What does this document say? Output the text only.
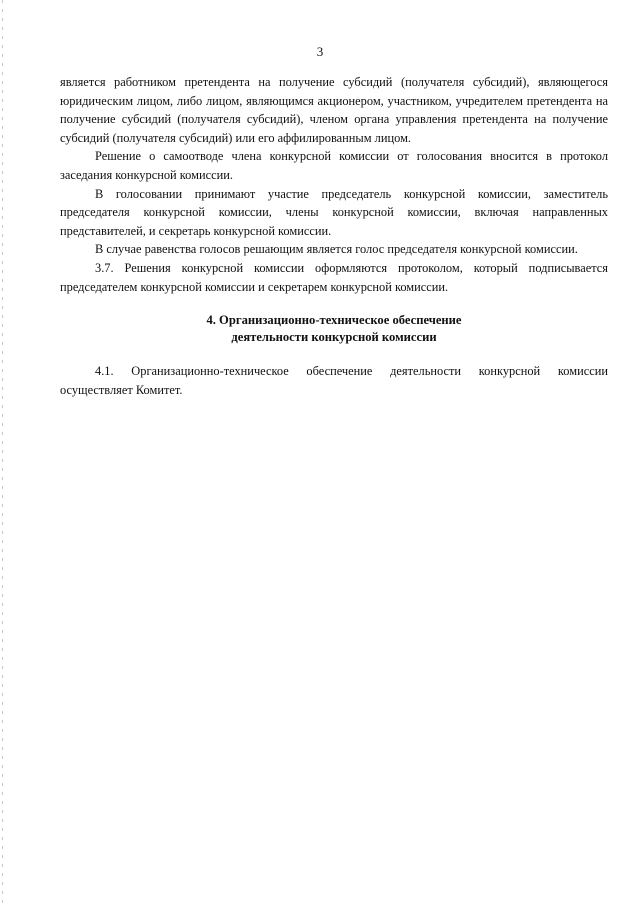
3

является работником претендента на получение субсидий (получателя субсидий), являющегося юридическим лицом, либо лицом, являющимся акционером, участником, учредителем претендента на получение субсидий (получателя субсидий), членом органа управления претендента на получение субсидий (получателя субсидий) или его аффилированным лицом.

Решение о самоотводе члена конкурсной комиссии от голосования вносится в протокол заседания конкурсной комиссии.

В голосовании принимают участие председатель конкурсной комиссии, заместитель председателя конкурсной комиссии, члены конкурсной комиссии, включая направленных представителей, и секретарь конкурсной комиссии.

В случае равенства голосов решающим является голос председателя конкурсной комиссии.

3.7. Решения конкурсной комиссии оформляются протоколом, который подписывается председателем конкурсной комиссии и секретарем конкурсной комиссии.

4. Организационно-техническое обеспечение
деятельности конкурсной комиссии

4.1. Организационно-техническое обеспечение деятельности конкурсной комиссии осуществляет Комитет.
